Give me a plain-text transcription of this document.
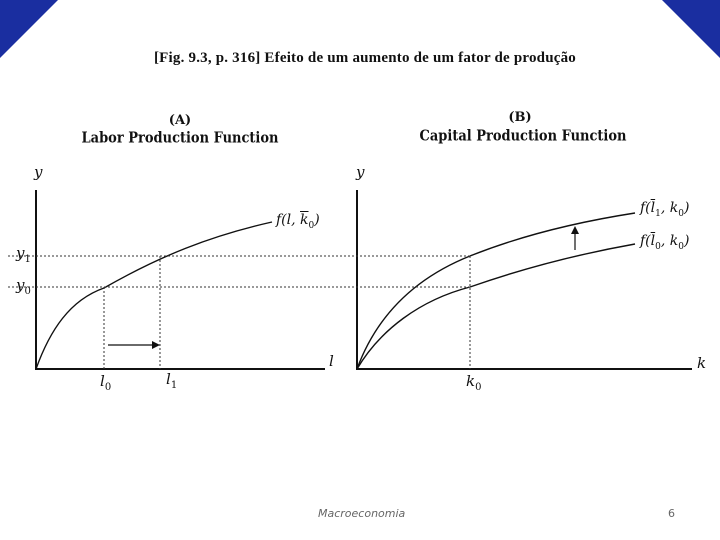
[Fig. 9.3, p. 316] Efeito de um aumento de um fator de produção
(A)
Labor Production Function
y
l
$y_1$
$y_0$
$l_0$	$l_1$
f(l, $\overline{k}_0$)
(B)
Capital Production Function
y
k
$k_0$
$f(\overline{l}_1$, $k_0$)
$f(\overline{l}_0$, $k_0$)
Macroeconomia	6
